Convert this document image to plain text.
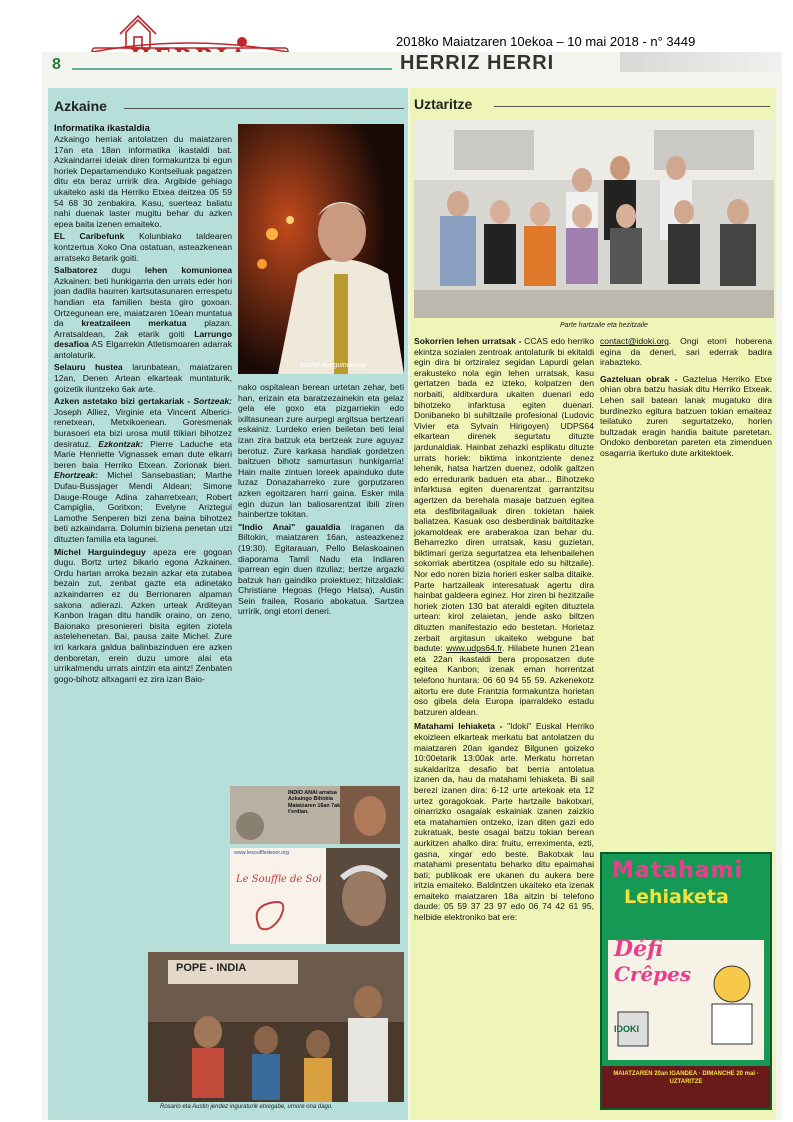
2018ko Maiatzaren 10ekoa – 10 mai 2018 - n° 3449
8	HERRIZ HERRI
Azkaine
Informatika ikastaldia

Azkaingo herriak antolatzen du maiatzaren 17an eta 18an informatika ikastaldi bat. Azkaindarrei ideiak diren formakuntza bi egun horiek Departamenduko Kontseiluak pagatzen ditu eta beraz urririk dira. Argibide gehiago ukaiteko aski da Herriko Etxea deitzea 05 59 54 68 30 zenbakira. Kasu, suerteaz baliatu nahi duenak laster mugitu behar du azken epea baita izenen emaiteko.

EL Caribefunk Kolunbiako taldearen kontzertua Xoko Ona ostatuan, asteazkenean arratseko 8etarik goiti.

Salbatorez dugu lehen komunionea Azkainen: beti hunkigarria den urrats eder hori joan dadila haurren kartsutasunaren errespetu handian eta familien besta giro goxoan. Ortzegunean ere, maiatzaren 10ean muntatua da kreatzaileen merkatua plazan. Arratsaldean, 2ak etarik goiti Larrungo desafioa AS Elgarrekin Atletismoaren adarrak antolaturik.

Selauru hustea larunbatean, maiatzaren 12an, Denen Artean elkarteak muntaturik, goizetik iluntzeko 6ak arte.

Azken astetako bizi gertakariak - Sortzeak: Joseph Alliez, Virginie eta Vincent Alberici-renetxean, Metxikoenean. Goresmenak burasoeri eta bizi urosa mutil ttikiari bihotzez desiratuz. Ezkontzak: Pierre Laduche eta Marie Henriette Vignassek eman dute elkarri beren baia Herriko Etxean. Zorionak bieri. Ehortzeak: Michel Sansebastian; Marthe Dufau-Bussjager Mendi Aldean; Simone Dauge-Rouge Adina zaharretxean; Robert Campiglia, Goritxon; Evelyne Ariztegui Lamothe Senperen bizi zena baina bihotzez beti azkaindarra. Dolumin biziena penetan utzi dituzten familia eta lagunei.

Michel Harguindeguy apeza ere gogoan dugu. Bortz urtez bikario egona Azkainen. Ordu hartan arroka bezain azkar eta zutabea bezain zut, zenbat gazte eta adinetako azkaindarren ez du Berrionaren alpaman sakona adierazi. Azken urteak Arditeyan Kanbon Iragan ditu handik oraino, on zeno, Baionako presoniereri bisita egiten ziotela astelehenetan. Bai, pausa zaite Michel. Zure irri karkara galdua balinbazinduen ere azken denboretan, erein duzu umore alai eta urrikalmendu urrats aintzin eta aintz! Zenbaten gogo-bihotz altxagarri ez zira izan Baio-

Michel Harguindeguy

nako ospitalean berean urtetan zehar, beti han, erizain eta baratzezainekin eta gelaz gela ele goxo eta pizgarriekin edo ixiltasunean zure aurpegi argitsua bertzeari eskainiz. Lurdeko erien beiletan beti leial izan zira batzuk eta bertzeak zure aguyaz berotuz. Zure karkasa handiak gordetzen baitzuen bihotz samurtasun hunkigarria! Hain maite zintuen loreek apainduko dute luzaz Donazaharreko zure gorputzaren azken egoitzaren harri gaina. Esker mila egin duzun lan baliosarentzat ibili ziren hainbertze tokitan.

"Indio Anai" gaualdia iraganen da Biltokin, maiatzaren 16an, asteazkenez (19:30). Egitarauan, Pello Belaskoainen diaporama Tamil Nadu eta Indiaren iparrean egin duen itzuliaz; bertze argazki batzuk han gaindiko proiektuez; hitzaldiak: Christiane Hegoas (Hego Hatsa), Austin Sein frailea, Rosario abokatua. Sartzea urririk, ongi etorri deneri.

INDIO ANAI arratsa Azkaingo Biltokia Maiatzaren 16an 7ak t'erdian.
www.lesouffledesoi.org
Le Souffle de Soi
POPE - INDIA
Rosario eta Austin jendez inguraturik etxegabe, umore ona dago.
Uztaritze
Parte hartzaile eta hezitzaile

Sokorrien lehen urratsak - CCAS edo herriko ekintza sozialen zentroak antolaturik bi ekitaldi egin dira bi ortziralez segidan Lapurdi gelan erakusteko nola egin lehen urratsak, kasu gertatzen bada ez izteko, kolpatzen den norbaiti, alditxardura ukaiten duenari edo bihotzeko infarktusa egiten duenari. Donibaneko bi suhiltzaile profesional (Ludovic Vivier eta Sylvain Hirigoyen) UDPS64 elkartean direnek segurtatu dituzte jardunaldiak. Hainbat zehazki esplikatu dituzte urrats horiek: biktima inkontziente denez lehenik, hatsa hartzen duenez, odolik galtzen edo erredurarik baduen eta abar... Bihotzeko infarktusa egiten duenarentzat garrantzitsu agertzen da berehala masaje batzuen egitea eta desfibrilagailuak diren tokietan haiek baliatzea. Kasuak oso desberdinak baitditazke jokamoldeak ere araberakoa izan behar du. Beharrezko diren urratsak, kasu guzietan, biktimari geriza segurtatzea eta lehenbailehen sokorriak abertitzea (ospitale edo su hiltzaile). Nor edo noren bizia horieri esker salba ditaike. Parte hartzaileak interesatuak agertu dira hainbat galdeera eginez. Hor ziren bi hezitzaile horiek zioten 130 bat ateraldi egiten dituztela urtean: kirol zelaietan, jende asko biltzen dituzten manifestazio edo bestetan. Horietaz zerbait argitasun ukaiteko webgune bat badute: www.udps64.fr. Hilabete hunen 21ean eta 22an ikastaldi bera proposatzen dute egitea Kanbon; izenak eman horrentzat telefono huntara: 06 60 94 55 59. Azkenekotz aitortu ere dute Frantzia formakuntza horietan oso gibela dela Europa iparraldeko estadu batzuren aldean.

Matahami lehiaketa - "Idoki" Euskal Herriko ekoizleen elkarteak merkatu bat antolatzen du maiatzaren 20an igandez Bilgunen goizeko 10:00etarik 13:00ak arte. Merkatu horretan sukaldaritza desafio bat berria antolatua izanen da, hau da matahami lehiaketa. Bi sail berezi izanen dira: 6-12 urte artekoak eta 12 urtez goragokoak. Parte hartzaile bakotxari, oinarrizko osagaiak eskainiak izanen zaizkio eta matahamien ontzeko, izan diten gazi edo zukratuak, beste osagai batzu tokian berean aurkitzen ahalko dira: fruitu, erreximenta, ezti, gasna, xingar edo beste. Bakotxak lau matahami presentatu beharko ditu epaimahai bati; publikoak ere ukanen du aukera bere iritzia emaiteko. Baldintzen ukaiteko eta izenak emaiteko maiatzaren 18a aitzin bi telefono daude: 05 59 37 23 97 edo 06 74 42 61 95, helbide elektroniko bat ere:

contact@idoki.org. Ongi etorri hoberena egina da deneri, sari ederrak badira irabazteko.

Gazteluan obrak - Gaztelua Herriko Etxe ohian obra batzu hasiak ditu Herriko Etxeak. Lehen sail batean lanak mugatuko dira burdinezko egitura batzuen tokian emaiteaz teilatuko zuren segurtatzeko, horien bultzadak eragin handia baitute paretetan. Ondoko denboretan pareten eta zimenduen osagarria ikertuko dute arkitektoek.

Matahami
Lehiaketa
Défi
Crêpes
IDOKI
MAIATZAREN 20an IGANDEA · DIMANCHE 20 mai · UZTARITZE
